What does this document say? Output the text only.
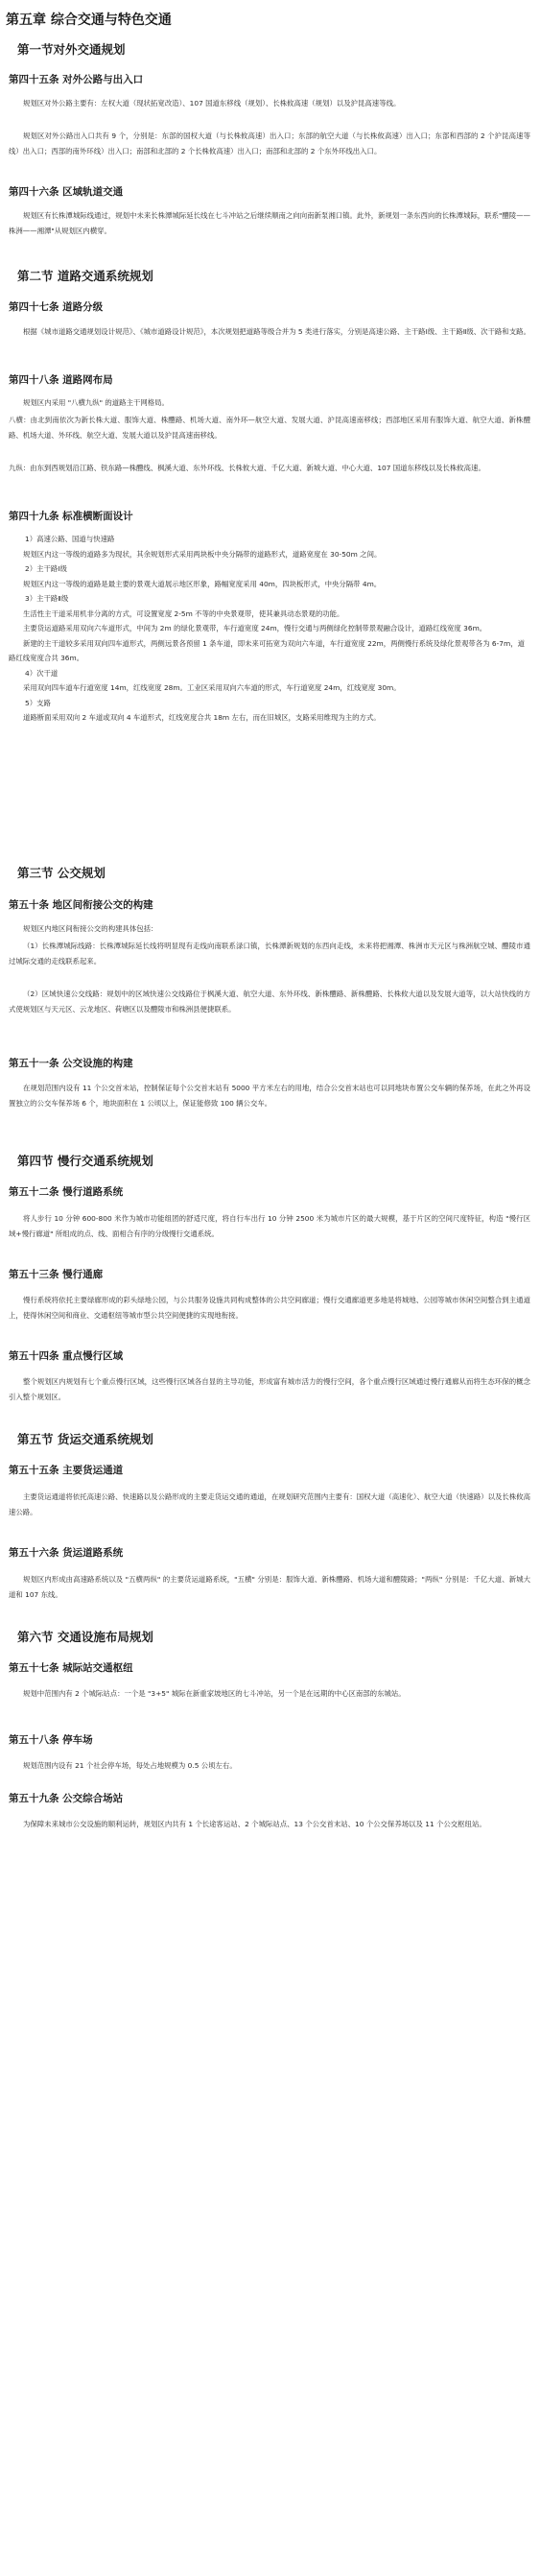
第五章 综合交通与特色交通
第一节对外交通规划
第四十五条 对外公路与出入口
规划区对外公路主要有：左权大道（现状拓宽改造）、107 国道东移线（规划）、长株攸高速（规划）以及沪昆高速等线。
规划区对外公路出入口共有 9 个，分别是：东部的国权大道（与长株攸高速）出入口；东部的航空大道（与长株攸高速）出入口；东部和西部的 2 个沪昆高速等线）出入口；西部的南外环线）出入口；南部和北部的 2 个长株攸高速）出入口；南部和北部的 2 个东外环线出入口。
第四十六条 区域轨道交通
规划区有长株潭城际线通过，规划中未来长株潭城际延长线在七斗冲站之后继续顺南之向向南新泵湘口镇。此外，新规划一条东西向的长株潭城际，联系"醴陵——株洲——湘潭"从规划区内横穿。
第二节 道路交通系统规划
第四十七条 道路分级
根据《城市道路交通规划设计规范》、《城市道路设计规范》，本次规划把道路等级合并为 5 类进行落实，分别是高速公路、主干路Ⅰ级、主干路Ⅱ级、次干路和支路。
第四十八条 道路网布局
规划区内采用 "八横九纵" 的道路主干网格局。
八横：由北到南依次为新长株大道、服饰大道、株醴路、机场大道、南外环—航空大道、发展大道、沪昆高速南移线；西部地区采用有服饰大道、航空大道、新株醴路、机场大道、外环线、航空大道、发展大道以及沪昆高速南移线。
九纵：由东到西规划沿江路、铁东路—株醴线、枫溪大道、东外环线、长株攸大道、千亿大道、新城大道、中心大道、107 国道东移线以及长株攸高速。
第四十九条 标准横断面设计
1）高速公路、国道与快速路
规划区内这一等级的道路多为现状，其余规划形式采用两块板中央分隔带的道路形式，道路宽度在 30-50m 之间。
2）主干路Ⅰ级
规划区内这一等级的道路是最主要的景观大道展示地区形象，路幅宽度采用 40m，四块板形式，中央分隔带 4m。
3）主干路Ⅱ级
生活性主干道采用机非分离的方式，可设置宽度 2-5m 不等的中央景观带，使其兼具动态景观的功能。
主要货运道路采用双向六车道形式，中间为 2m 的绿化景观带，车行道宽度 24m，慢行交通与两侧绿化控制带景观融合设计，道路红线宽度 36m。
新建的主干道较多采用双向四车道形式，两侧远景各预留 1 条车道，即未来可拓宽为双向六车道，车行道宽度 22m，两侧慢行系统及绿化景观带各为 6-7m，道路红线宽度合共 36m。
4）次干道
采用双向四车道车行道宽度 14m，红线宽度 28m。工业区采用双向六车道的形式，车行道宽度 24m，红线宽度 30m。
5）支路
道路断面采用双向 2 车道或双向 4 车道形式，红线宽度合共 18m 左右，而在旧城区，支路采用维现为主的方式。
第三节 公交规划
第五十条 地区间衔接公交的构建
规划区内地区间衔接公交的构建具体包括：
（1）长株潭城际线路：长株潭城际延长线将明显现有走线向南联系渌口镇，长株潭新规划的东西向走线，未来将把湘潭、株洲市天元区与株洲航空城、醴陵市通过城际交通的走线联系起来。
（2）区域快速公交线路：规划中的区域快速公交线路位于枫溪大道、航空大道、东外环线、新株醴路、新株醴路、长株攸大道以及发展大道等，以大站快线的方式使规划区与天元区、云龙地区、荷塘区以及醴陵市和株洲县便捷联系。
第五十一条 公交设施的构建
在规划范围内设有 11 个公交首末站，控制保证每个公交首末站有 5000 平方米左右的用地，结合公交首末站也可以同地块布置公交车辆的保养场，在此之外再设置独立的公交车保养场 6 个，地块面积在 1 公顷以上，保证能修致 100 辆公交车。
第四节 慢行交通系统规划
第五十二条 慢行道路系统
将人步行 10 分钟 600-800 米作为城市功能组团的舒适尺度，将自行车出行 10 分钟 2500 米为城市片区的最大规模，基于片区的空间尺度特征，构造 "慢行区域+慢行廊道" 所组成的点、线、面相合有序的分级慢行交通系统。
第五十三条 慢行通廊
慢行系统将依托主要绿廊形成的彩头绿地公园，与公共服务设施共同构成整体的公共空间廊道；慢行交通廊道更多地是将城地、公园等城市休闲空间整合到主通道上，使得休闲空间和商业、交通枢纽等城市型公共空间便捷的实现地衔接。
第五十四条 重点慢行区域
整个规划区内规划有七个重点慢行区域，这些慢行区域各自显的主导功能，形成富有城市活力的慢行空间，各个重点慢行区域通过慢行通廊从而将生态环保的概念引入整个规划区。
第五节 货运交通系统规划
第五十五条 主要货运通道
主要货运通道将依托高速公路、快速路以及公路形成的主要走货运交通的通道，在规划研究范围内主要有：国权大道（高速化）、航空大道（快速路）以及长株攸高速公路。
第五十六条 货运道路系统
规划区内形成由高速路系统以及 "五横两纵" 的主要货运道路系统，"五横" 分别是：服饰大道、新株醴路、机场大道和醴陵路；"两纵" 分别是：千亿大道、新城大道和 107 东线。
第六节 交通设施布局规划
第五十七条 城际站交通枢纽
规划中范围内有 2 个城际站点：一个是 "3+5" 城际在新重家坡地区的七斗冲站，另一个是在远期的中心区南部的东城站。
第五十八条 停车场
规划范围内设有 21 个社会停车场，每处占地规模为 0.5 公顷左右。
第五十九条 公交综合场站
为保障未来城市公交设施的顺利运转，规划区内共有 1 个长途客运站、2 个城际站点、13 个公交首末站、10 个公交保养场以及 11 个公交枢纽站。
